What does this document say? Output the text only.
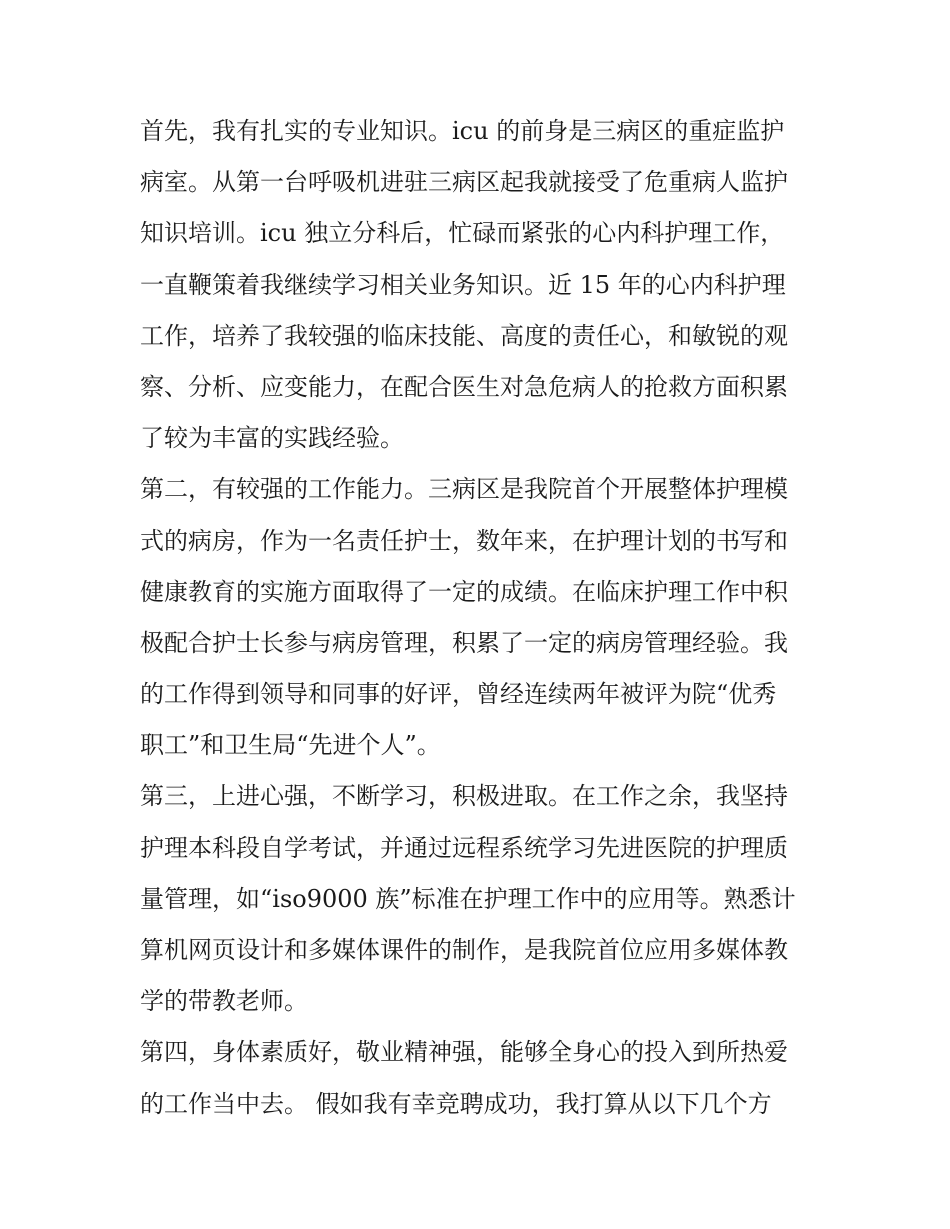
首先，我有扎实的专业知识。icu 的前身是三病区的重症监护
病室。从第一台呼吸机进驻三病区起我就接受了危重病人监护
知识培训。icu 独立分科后，忙碌而紧张的心内科护理工作，
一直鞭策着我继续学习相关业务知识。近 15 年的心内科护理
工作，培养了我较强的临床技能、高度的责任心，和敏锐的观
察、分析、应变能力，在配合医生对急危病人的抢救方面积累
了较为丰富的实践经验。
第二，有较强的工作能力。三病区是我院首个开展整体护理模
式的病房，作为一名责任护士，数年来，在护理计划的书写和
健康教育的实施方面取得了一定的成绩。在临床护理工作中积
极配合护士长参与病房管理，积累了一定的病房管理经验。我
的工作得到领导和同事的好评，曾经连续两年被评为院“优秀
职工”和卫生局“先进个人”。
第三，上进心强，不断学习，积极进取。在工作之余，我坚持
护理本科段自学考试，并通过远程系统学习先进医院的护理质
量管理，如“iso9000 族”标准在护理工作中的应用等。熟悉计
算机网页设计和多媒体课件的制作，是我院首位应用多媒体教
学的带教老师。
第四，身体素质好，敬业精神强，能够全身心的投入到所热爱
的工作当中去。 假如我有幸竞聘成功，我打算从以下几个方
